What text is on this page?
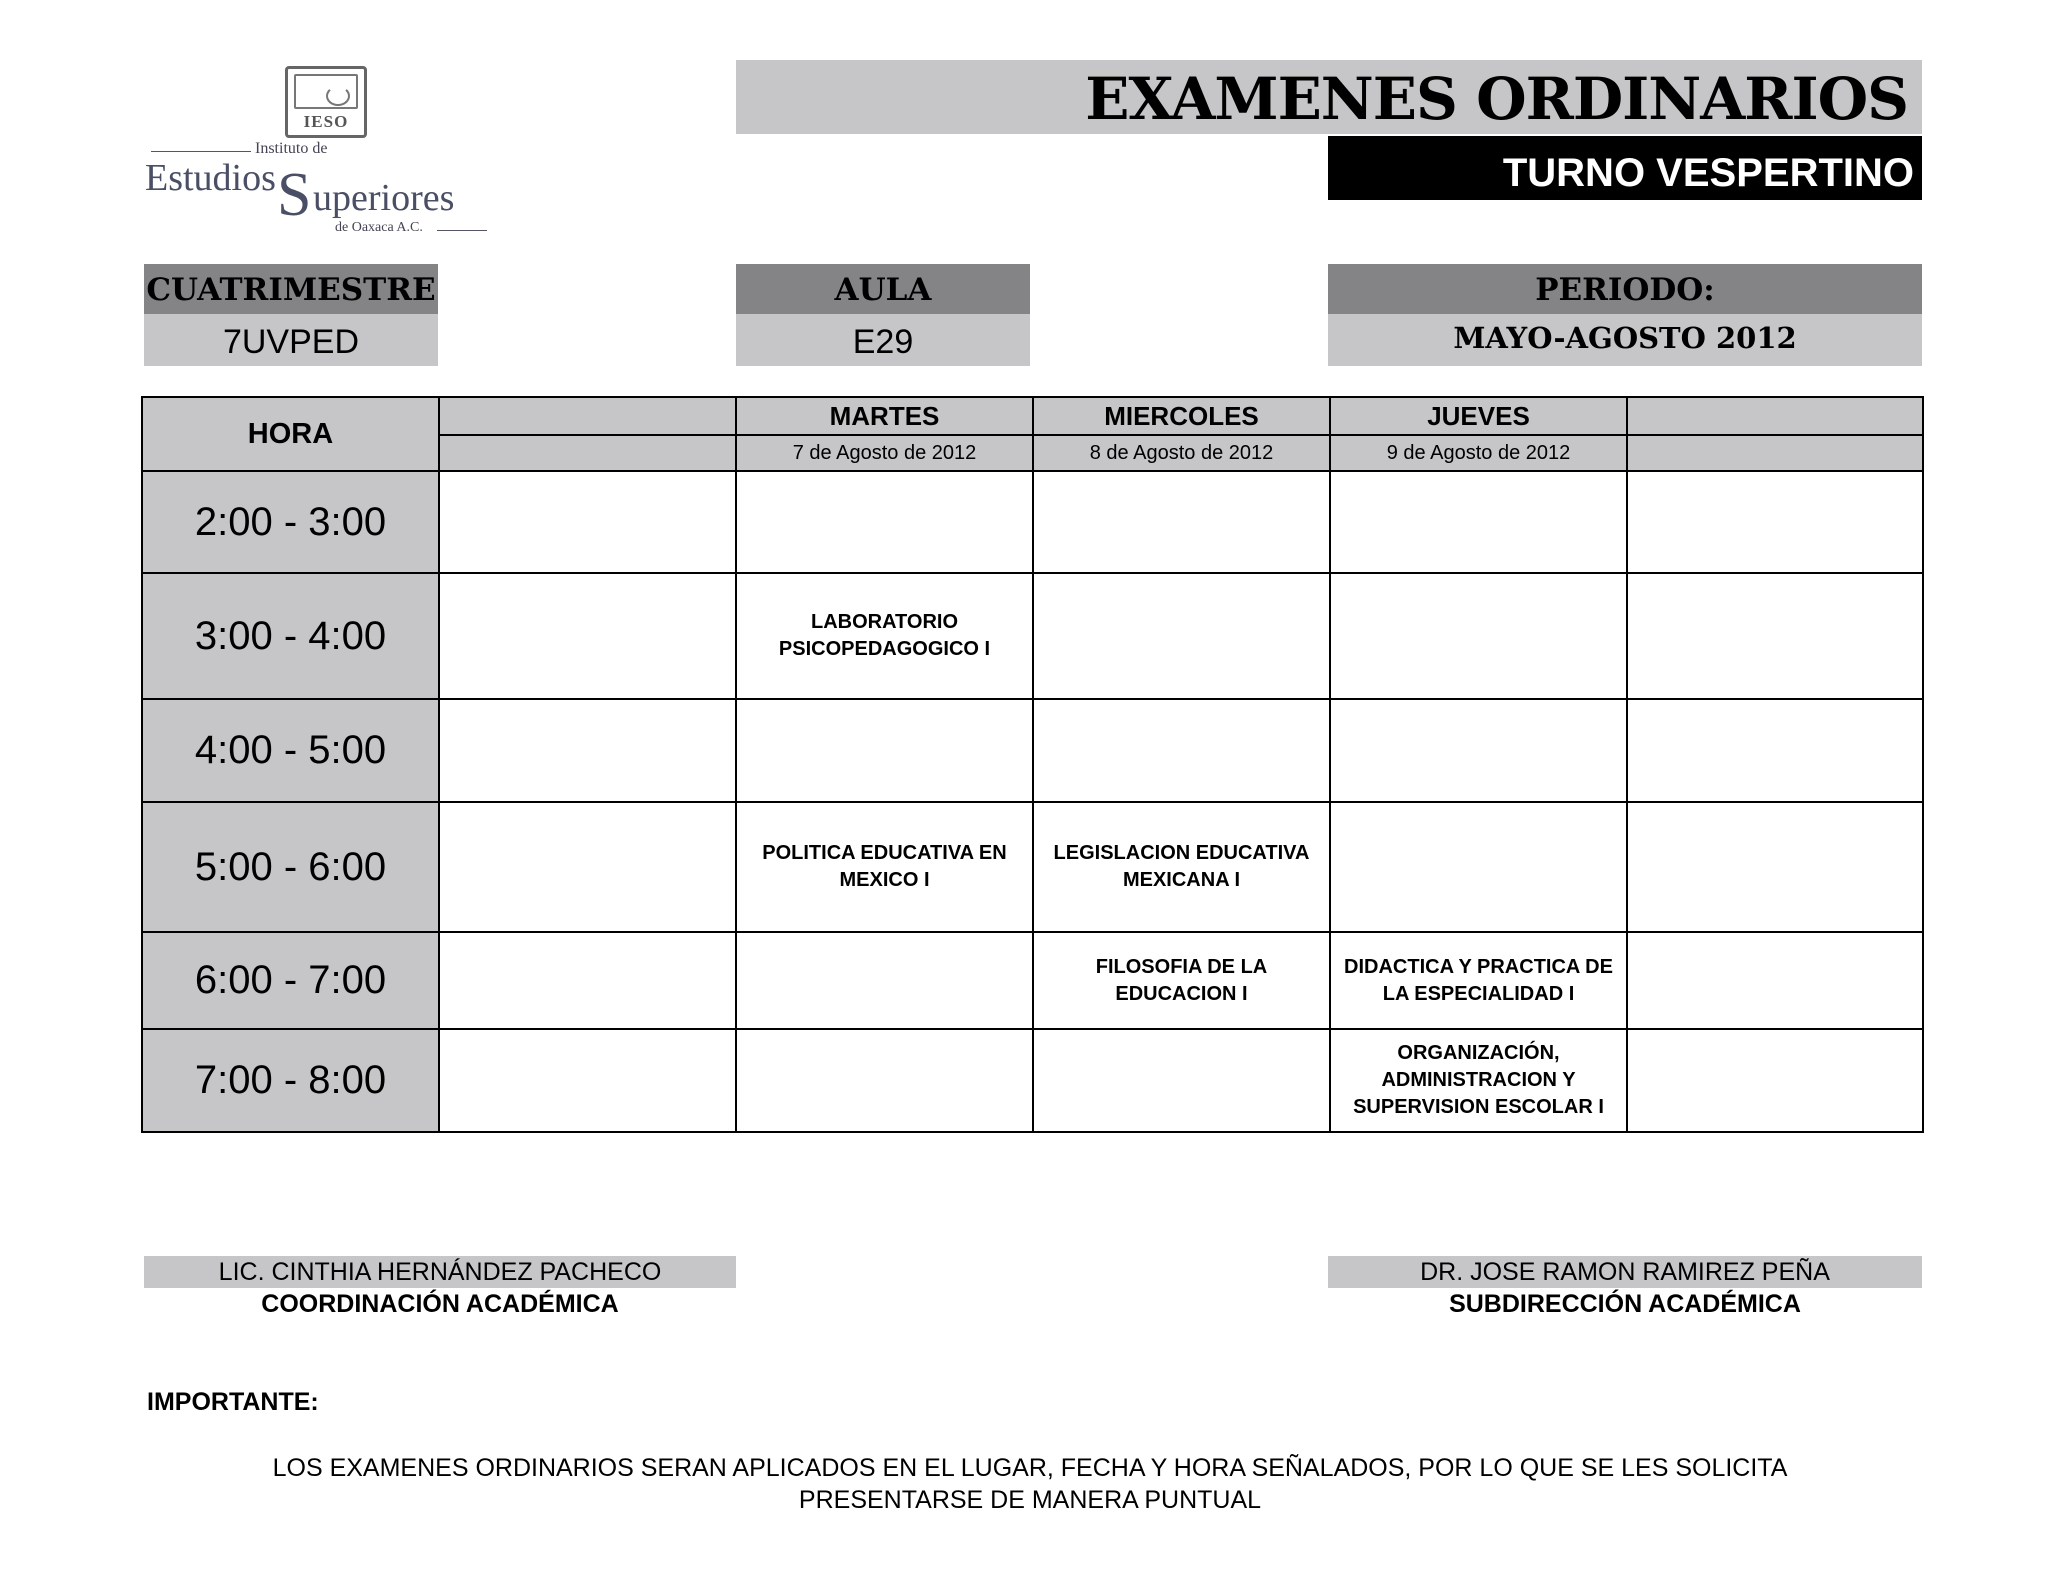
IESO
Instituto de
Estudios S uperiores
de Oaxaca A.C.
EXAMENES ORDINARIOS
TURNO VESPERTINO
CUATRIMESTRE
7UVPED
AULA
E29
PERIODO:
MAYO-AGOSTO 2012
HORA		MARTES	MIERCOLES	JUEVES	
		7 de Agosto de 2012	8 de Agosto de 2012	9 de Agosto de 2012	
2:00 - 3:00					
3:00 - 4:00		LABORATORIO PSICOPEDAGOGICO I			
4:00 - 5:00					
5:00 - 6:00		POLITICA EDUCATIVA EN MEXICO I	LEGISLACION EDUCATIVA MEXICANA I		
6:00 - 7:00			FILOSOFIA DE LA EDUCACION I	DIDACTICA Y PRACTICA DE LA ESPECIALIDAD I	
7:00 - 8:00				ORGANIZACIÓN, ADMINISTRACION Y SUPERVISION ESCOLAR I	
LIC. CINTHIA HERNÁNDEZ PACHECO
COORDINACIÓN ACADÉMICA
DR. JOSE RAMON RAMIREZ PEÑA
SUBDIRECCIÓN ACADÉMICA
IMPORTANTE:
LOS EXAMENES ORDINARIOS SERAN APLICADOS EN EL LUGAR, FECHA Y HORA SEÑALADOS, POR LO QUE SE LES SOLICITA
PRESENTARSE DE MANERA PUNTUAL
